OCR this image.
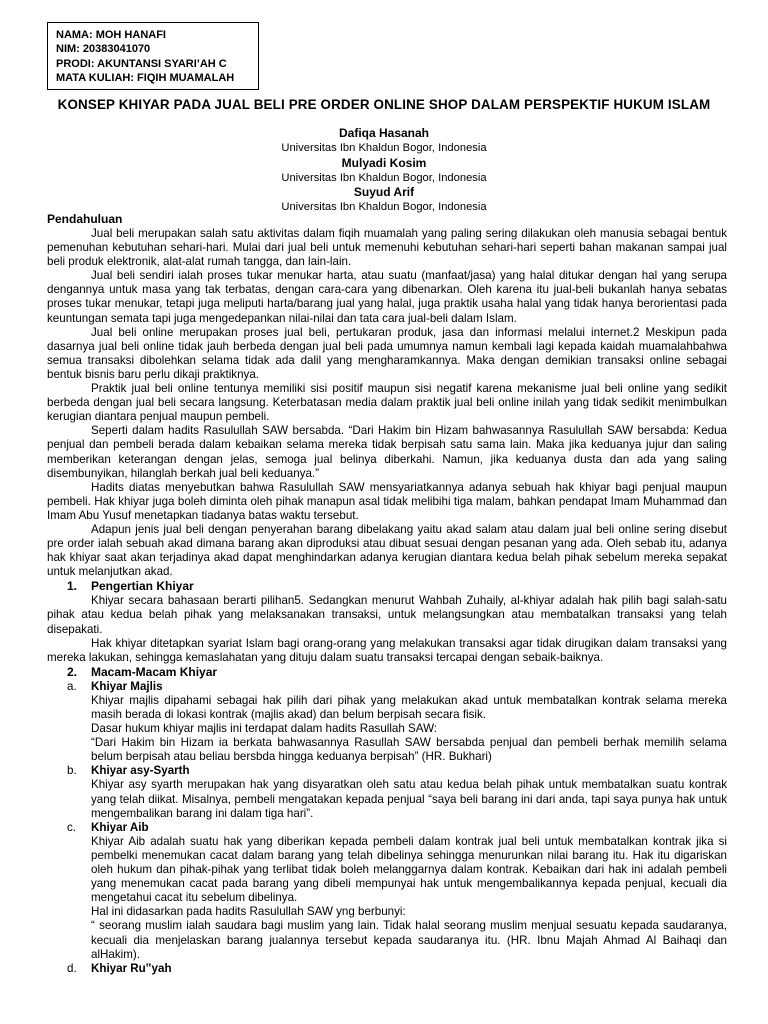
NAMA: MOH HANAFI
NIM: 20383041070
PRODI: AKUNTANSI SYARI’AH C
MATA KULIAH: FIQIH MUAMALAH
KONSEP KHIYAR PADA JUAL BELI PRE ORDER ONLINE SHOP DALAM PERSPEKTIF HUKUM ISLAM
Dafiqa Hasanah
Universitas Ibn Khaldun Bogor, Indonesia
Mulyadi Kosim
Universitas Ibn Khaldun Bogor, Indonesia
Suyud Arif
Universitas Ibn Khaldun Bogor, Indonesia
Pendahuluan

Jual beli merupakan salah satu aktivitas dalam fiqih muamalah yang paling sering dilakukan oleh manusia sebagai bentuk pemenuhan kebutuhan sehari-hari. Mulai dari jual beli untuk memenuhi kebutuhan sehari-hari seperti bahan makanan sampai jual beli produk elektronik, alat-alat rumah tangga, dan lain-lain.

Jual beli sendiri ialah proses tukar menukar harta, atau suatu (manfaat/jasa) yang halal ditukar dengan hal yang serupa dengannya untuk masa yang tak terbatas, dengan cara-cara yang dibenarkan. Oleh karena itu jual-beli bukanlah hanya sebatas proses tukar menukar, tetapi juga meliputi harta/barang jual yang halal, juga praktik usaha halal yang tidak hanya berorientasi pada keuntungan semata tapi juga mengedepankan nilai-nilai dan tata cara jual-beli dalam Islam.

Jual beli online merupakan proses jual beli, pertukaran produk, jasa dan informasi melalui internet.2 Meskipun pada dasarnya jual beli online tidak jauh berbeda dengan jual beli pada umumnya namun kembali lagi kepada kaidah muamalahbahwa semua transaksi dibolehkan selama tidak ada dalil yang mengharamkannya. Maka dengan demikian transaksi online sebagai bentuk bisnis baru perlu dikaji praktiknya.

Praktik jual beli online tentunya memiliki sisi positif maupun sisi negatif karena mekanisme jual beli online yang sedikit berbeda dengan jual beli secara langsung. Keterbatasan media dalam praktik jual beli online inilah yang tidak sedikit menimbulkan kerugian diantara penjual maupun pembeli.

Seperti dalam hadits Rasulullah SAW bersabda. “Dari Hakim bin Hizam bahwasannya Rasulullah SAW bersabda: Kedua penjual dan pembeli berada dalam kebaikan selama mereka tidak berpisah satu sama lain. Maka jika keduanya jujur dan saling memberikan keterangan dengan jelas, semoga jual belinya diberkahi. Namun, jika keduanya dusta dan ada yang saling disembunyikan, hilanglah berkah jual beli keduanya.”

Hadits diatas menyebutkan bahwa Rasulullah SAW mensyariatkannya adanya sebuah hak khiyar bagi penjual maupun pembeli. Hak khiyar juga boleh diminta oleh pihak manapun asal tidak melibihi tiga malam, bahkan pendapat Imam Muhammad dan Imam Abu Yusuf menetapkan tiadanya batas waktu tersebut.

Adapun jenis jual beli dengan penyerahan barang dibelakang yaitu akad salam atau dalam jual beli online sering disebut pre order ialah sebuah akad dimana barang akan diproduksi atau dibuat sesuai dengan pesanan yang ada. Oleh sebab itu, adanya hak khiyar saat akan terjadinya akad dapat menghindarkan adanya kerugian diantara kedua belah pihak sebelum mereka sepakat untuk melanjutkan akad.

1.	Pengertian Khiyar

Khiyar secara bahasaan berarti pilihan5. Sedangkan menurut Wahbah Zuhaily, al-khiyar adalah hak pilih bagi salah-satu pihak atau kedua belah pihak yang melaksanakan transaksi, untuk melangsungkan atau membatalkan transaksi yang telah disepakati.

Hak khiyar ditetapkan syariat Islam bagi orang-orang yang melakukan transaksi agar tidak dirugikan dalam transaksi yang mereka lakukan, sehingga kemaslahatan yang dituju dalam suatu transaksi tercapai dengan sebaik-baiknya.

2.	Macam-Macam Khiyar
a.	Khiyar Majlis

Khiyar majlis dipahami sebagai hak pilih dari pihak yang melakukan akad untuk membatalkan kontrak selama mereka masih berada di lokasi kontrak (majlis akad) dan belum berpisah secara fisik.

Dasar hukum khiyar majlis ini terdapat dalam hadits Rasullah SAW:

“Dari Hakim bin Hizam ia berkata bahwasannya Rasullah SAW bersabda penjual dan pembeli berhak memilih selama belum berpisah atau beliau bersbda hingga keduanya berpisah” (HR. Bukhari)

b.	Khiyar asy-Syarth

Khiyar asy syarth merupakan hak yang disyaratkan oleh satu atau kedua belah pihak untuk membatalkan suatu kontrak yang telah diikat. Misalnya, pembeli mengatakan kepada penjual “saya beli barang ini dari anda, tapi saya punya hak untuk mengembalikan barang ini dalam tiga hari”.

c.	Khiyar Aib

Khiyar Aib adalah suatu hak yang diberikan kepada pembeli dalam kontrak jual beli untuk membatalkan kontrak jika si pembelki menemukan cacat dalam barang yang telah dibelinya sehingga menurunkan nilai barang itu. Hak itu digariskan oleh hukum dan pihak-pihak yang terlibat tidak boleh melanggarnya dalam kontrak. Kebaikan dari hak ini adalah pembeli yang menemukan cacat pada barang yang dibeli mempunyai hak untuk mengembalikannya kepada penjual, kecuali dia mengetahui cacat itu sebelum dibelinya.

Hal ini didasarkan pada hadits Rasulullah SAW yng berbunyi:

“ seorang muslim ialah saudara bagi muslim yang lain. Tidak halal seorang muslim menjual sesuatu kepada saudaranya, kecuali dia menjelaskan barang jualannya tersebut kepada saudaranya itu. (HR. Ibnu Majah Ahmad Al Baihaqi dan alHakim).

d.	Khiyar Ru‟yah
